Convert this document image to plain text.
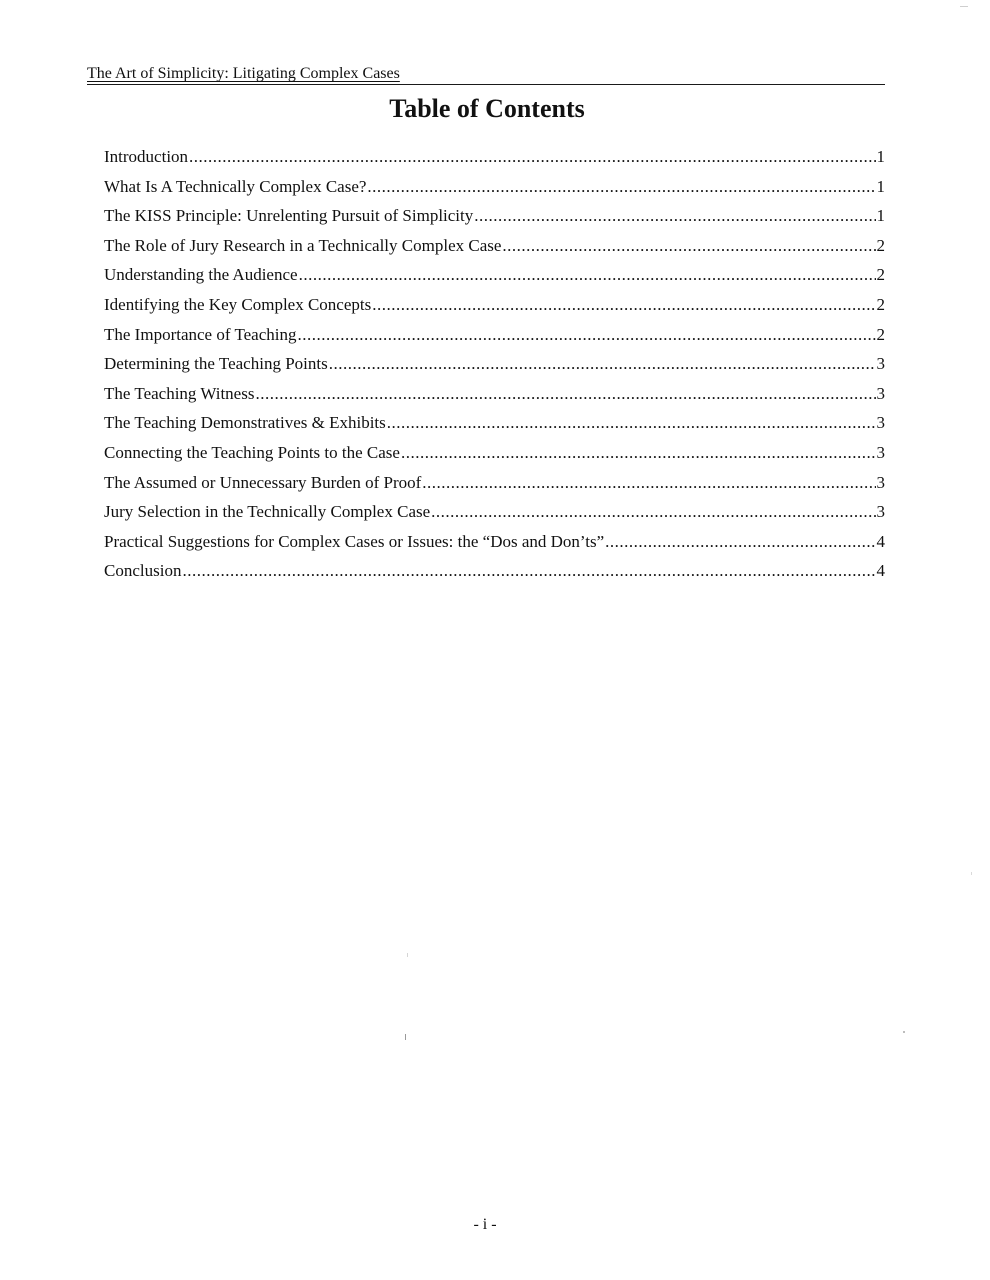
The Art of Simplicity: Litigating Complex Cases
Table of Contents
Introduction .....	1
What Is A Technically Complex Case? .....	1
The KISS Principle: Unrelenting Pursuit of Simplicity .....	1
The Role of Jury Research in a Technically Complex Case .....	2
Understanding the Audience .....	2
Identifying the Key Complex Concepts .....	2
The Importance of Teaching .....	2
Determining the Teaching Points .....	3
The Teaching Witness .....	3
The Teaching Demonstratives & Exhibits .....	3
Connecting the Teaching Points to the Case .....	3
The Assumed or Unnecessary Burden of Proof .....	3
Jury Selection in the Technically Complex Case .....	3
Practical Suggestions for Complex Cases or Issues: the “Dos and Don’ts” .....	4
Conclusion .....	4
- i -
